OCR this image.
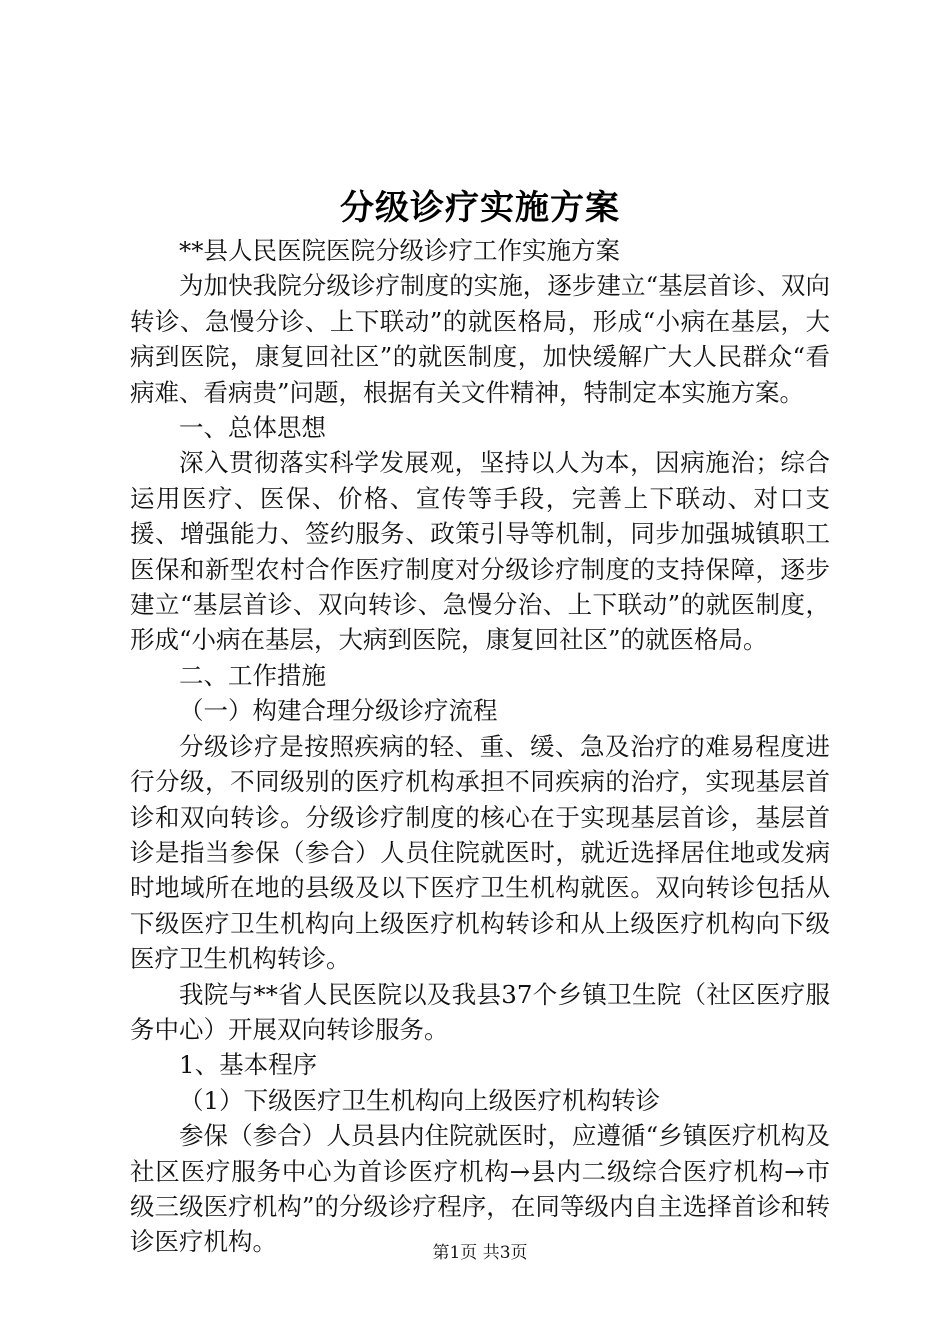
分级诊疗实施方案

**县人民医院医院分级诊疗工作实施方案

为加快我院分级诊疗制度的实施，逐步建立“基层首诊、双向转诊、急慢分诊、上下联动”的就医格局，形成“小病在基层，大病到医院，康复回社区”的就医制度，加快缓解广大人民群众“看病难、看病贵”问题，根据有关文件精神，特制定本实施方案。

一、总体思想

深入贯彻落实科学发展观，坚持以人为本，因病施治；综合运用医疗、医保、价格、宣传等手段，完善上下联动、对口支援、增强能力、签约服务、政策引导等机制，同步加强城镇职工医保和新型农村合作医疗制度对分级诊疗制度的支持保障，逐步建立“基层首诊、双向转诊、急慢分治、上下联动”的就医制度，形成“小病在基层，大病到医院，康复回社区”的就医格局。

二、工作措施

（一）构建合理分级诊疗流程

分级诊疗是按照疾病的轻、重、缓、急及治疗的难易程度进行分级，不同级别的医疗机构承担不同疾病的治疗，实现基层首诊和双向转诊。分级诊疗制度的核心在于实现基层首诊，基层首诊是指当参保（参合）人员住院就医时，就近选择居住地或发病时地域所在地的县级及以下医疗卫生机构就医。双向转诊包括从下级医疗卫生机构向上级医疗机构转诊和从上级医疗机构向下级医疗卫生机构转诊。

我院与**省人民医院以及我县37个乡镇卫生院（社区医疗服务中心）开展双向转诊服务。

1、基本程序

（1）下级医疗卫生机构向上级医疗机构转诊

参保（参合）人员县内住院就医时，应遵循“乡镇医疗机构及社区医疗服务中心为首诊医疗机构→县内二级综合医疗机构→市级三级医疗机构”的分级诊疗程序，在同等级内自主选择首诊和转诊医疗机构。	第1页 共3页
